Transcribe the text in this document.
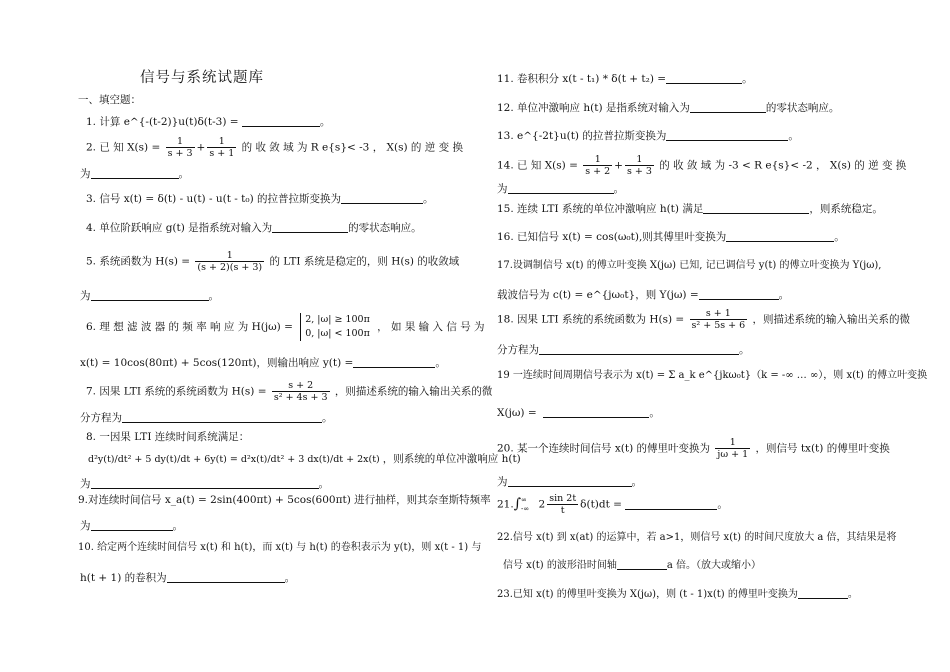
信号与系统试题库
一、填空题：
1. 计算 e^{-(t-2)}u(t)δ(t-3) =	。
2. 已 知 $X(s) = \frac{1}{s + 3} + \frac{1}{s + 1}$ 的 收 敛 域 为 R e{s}< -3 ， X(s) 的 逆 变 换
为	。
3. 信号 x(t) = δ(t) - u(t) - u(t - t₀) 的拉普拉斯变换为	。
4. 单位阶跃响应 g(t) 是指系统对输入为	的零状态响应。
5. 系统函数为 $H(s) = \frac{1}{(s + 2)(s + 3)}$ 的 LTI 系统是稳定的，则 H(s) 的收敛域
为	。
6. 理 想 滤 波 器 的 频 率 响 应 为 H(jω) =
2, |ω| ≥ 100π
0, |ω| < 100π
， 如 果 输 入 信 号 为
x(t) = 10cos(80πt) + 5cos(120πt)，则输出响应 y(t) =	。
7. 因果 LTI 系统的系统函数为 $H(s) = \frac{s + 2}{\text{s² + 4s + 3}}$ ，则描述系统的输入输出关系的微
分方程为	。
8. 一因果 LTI 连续时间系统满足：
d²y(t)/dt² + 5 dy(t)/dt + 6y(t) = d²x(t)/dt² + 3 dx(t)/dt + 2x(t) ，则系统的单位冲激响应 h(t)
为	。
9.对连续时间信号 x_a(t) = 2sin(400πt) + 5cos(600πt) 进行抽样，则其奈奎斯特频率
为	。
10. 给定两个连续时间信号 x(t) 和 h(t)，而 x(t) 与 h(t) 的卷积表示为 y(t)，则 x(t - 1) 与
h(t + 1) 的卷积为	。
11. 卷积积分 x(t - t₁) * δ(t + t₂) =	。
12. 单位冲激响应 h(t) 是指系统对输入为	的零状态响应。
13. e^{-2t}u(t) 的拉普拉斯变换为	。
14. 已 知 $X(s) = \frac{1}{s + 2} + \frac{1}{s + 3}$ 的 收 敛 域 为 -3 < R e{s}< -2 ， X(s) 的 逆 变 换
为	。
15. 连续 LTI 系统的单位冲激响应 h(t) 满足	，则系统稳定。
16. 已知信号 x(t) = cos(ω₀t),则其傅里叶变换为	。
17.设调制信号 x(t) 的傅立叶变换 X(jω) 已知, 记已调信号 y(t) 的傅立叶变换为 Y(jω),
载波信号为 c(t) = e^{jω₀t}，则 Y(jω) =	。
18. 因果 LTI 系统的系统函数为 $H(s) = \frac{s + 1}{\text{s² + 5s + 6}}$ ，则描述系统的输入输出关系的微
分方程为	。
19 一连续时间周期信号表示为 x(t) = Σ a_k e^{jkω₀t}（k = -∞ … ∞），则 x(t) 的傅立叶变换
X(jω) =	。
20. 某一个连续时间信号 x(t) 的傅里叶变换为 $\frac{1}{j\omega + 1}$ ，则信号 tx(t) 的傅里叶变换
为	。
21.∫ ∞
-∞ $2 \frac{\sin 2t}{t} \delta(t)dt$ =	。
22.信号 x(t) 到 x(at) 的运算中，若 a>1，则信号 x(t) 的时间尺度放大 a 倍，其结果是将
信号 x(t) 的波形沿时间轴	a 倍。（放大或缩小）
23.已知 x(t) 的傅里叶变换为 X(jω)，则 (t - 1)x(t) 的傅里叶变换为	。
